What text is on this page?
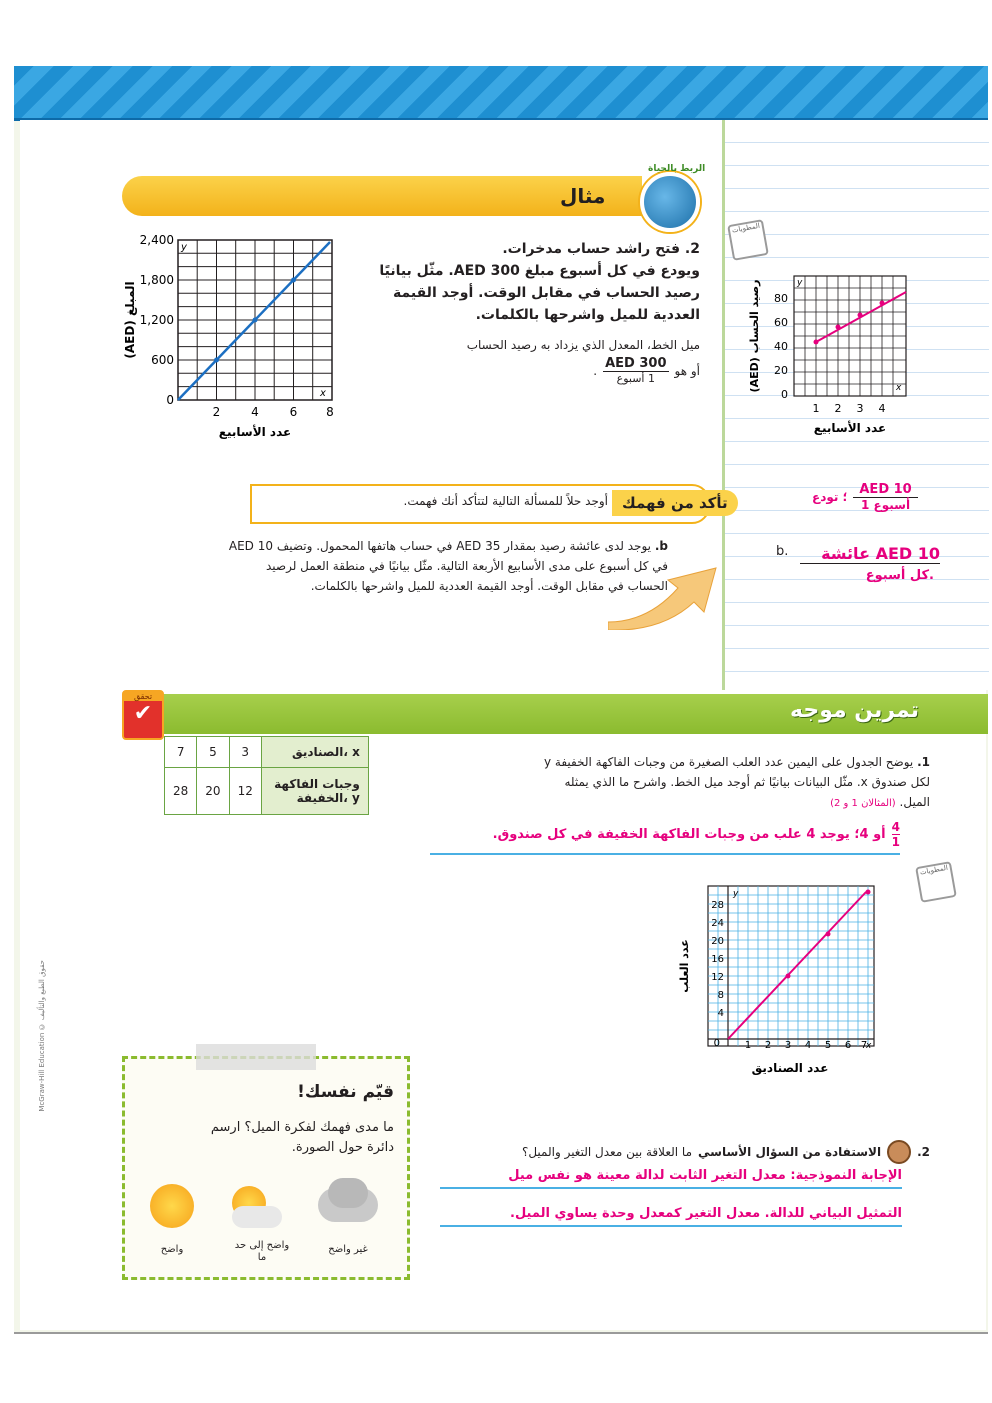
مثال
الربط بالحياة
y
x
2,400
1,800
1,200
600
0
2	4	6 8
عدد الأسابيع
المبلغ (AED)
2. فتح راشد حساب مدخرات.
ويودع في كل أسبوع مبلغ 300 AED. مثّل بيانيًا
رصيد الحساب في مقابل الوقت. أوجد القيمة
العددية للميل واشرحها بالكلمات.
ميل الخط، المعدل الذي يزداد به رصيد الحساب
أو هو
AED 300
1 أسبوع
.
المطويات
y
x
80
60
40
20
0
1 2 3 4
عدد الأسابيع
رصيد الحساب (AED)
AED 10
1 أسبوع
؛ تودع
b.	عائشة AED 10
كل أسبوع.
تأكد من فهمك
أوجد حلاً للمسألة التالية لتتأكد أنك فهمت.
b. يوجد لدى عائشة رصيد بمقدار 35 AED في حساب هاتفها المحمول. وتضيف AED 10
في كل أسبوع على مدى الأسابيع الأربعة التالية. مثّل بيانيًا في منطقة العمل لرصيد
الحساب في مقابل الوقت. أوجد القيمة العددية للميل واشرحها بالكلمات.
تمرين موجه
تحقق
✔
7	5	3	الصناديق، x
28	20	12	وجبات الفاكهة الخفيفة، y
1. يوضح الجدول على اليمين عدد العلب الصغيرة من وجبات الفاكهة الخفيفة y
لكل صندوق x. مثّل البيانات بيانيًا ثم أوجد ميل الخط. واشرح ما الذي يمثله
الميل. (المثالان 1 و 2)
$\frac{4}{1}$
أو 4؛ يوجد 4 علب من وجبات الفاكهة الخفيفة في كل صندوق.
المطويات
y
x
28
24
20
16
12
8
4
0 1 2 3 4 5 6 7
عدد الصناديق
عدد العلب
2.
الاستفادة من السؤال الأساسي
ما العلاقة بين معدل التغير والميل؟
الإجابة النموذجية: معدل التغير الثابت لدالة معينة هو نفس ميل
التمثيل البياني للدالة. معدل التغير كمعدل وحدة يساوي الميل.
قيّم نفسك!
ما مدى فهمك لفكرة الميل؟ ارسم
دائرة حول الصورة.
غير واضح
واضح إلى حد ما
واضح
McGraw-Hill Education © حقوق الطبع والتأليف
